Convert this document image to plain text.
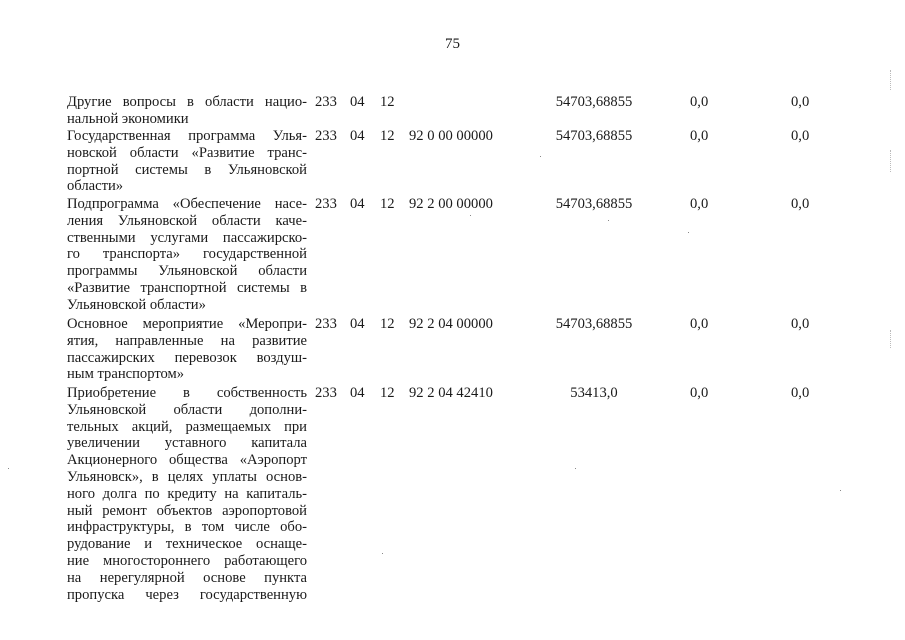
75
Другие вопросы в области нацио-
нальной экономики
233 04 12	54703,68855	0,0	0,0
Государственная программа Улья-
новской области «Развитие транс-
портной системы в Ульяновской
области»
233 04 12 92 0 00 00000	54703,68855	0,0	0,0
Подпрограмма «Обеспечение насе-
ления Ульяновской области каче-
ственными услугами пассажирско-
го транспорта» государственной
программы Ульяновской области
«Развитие транспортной системы в
Ульяновской области»
233 04 12 92 2 00 00000	54703,68855	0,0	0,0
Основное мероприятие «Меропри-
ятия, направленные на развитие
пассажирских перевозок воздуш-
ным транспортом»
233 04 12 92 2 04 00000	54703,68855	0,0	0,0
Приобретение в собственность
Ульяновской области дополни-
тельных акций, размещаемых при
увеличении уставного капитала
Акционерного общества «Аэропорт
Ульяновск», в целях уплаты основ-
ного долга по кредиту на капиталь-
ный ремонт объектов аэропортовой
инфраструктуры, в том числе обо-
рудование и техническое оснаще-
ние многостороннего работающего
на нерегулярной основе пункта
пропуска через государственную
233 04 12 92 2 04 42410	53413,0	0,0	0,0
